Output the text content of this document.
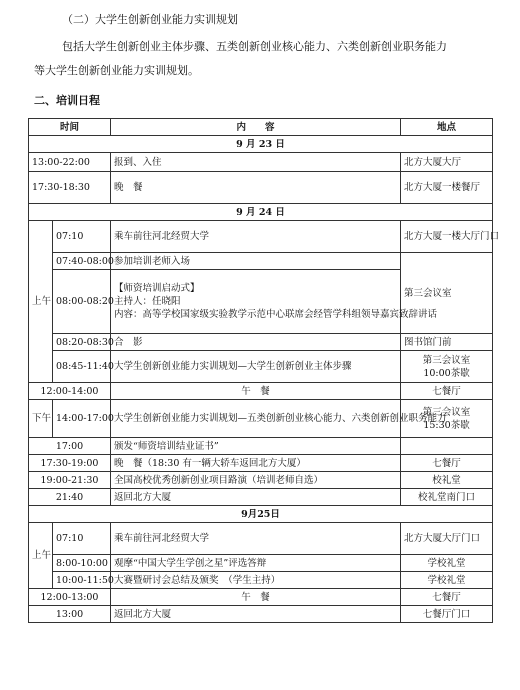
（二）大学生创新创业能力实训规划
包括大学生创新创业主体步骤、五类创新创业核心能力、六类创新创业职务能力
等大学生创新创业能力实训规划。
二、培训日程
时间		内　　容	地点
9 月 23 日			
13:00-22:00		报到、入住	北方大厦大厅
17:30-18:30		晚　餐	北方大厦一楼餐厅
9 月 24 日			
上午	07:10	乘车前往河北经贸大学	北方大厦一楼大厅门口
	07:40-08:00	参加培训老师入场	第三会议室
	08:00-08:20	【师资培训启动式】
主持人：任晓阳
内容：高等学校国家级实验教学示范中心联席会经管学科组领导嘉宾致辞讲话	

	08:20-08:30	合　影	图书馆门前
	08:45-11:40	大学生创新创业能力实训规划—大学生创新创业主体步骤	第三会议室
10:00茶歇

12:00-14:00		午　餐	七餐厅
下午	14:00-17:00	大学生创新创业能力实训规划—五类创新创业核心能力、六类创新创业职务能力	第三会议室
15:30茶歇

17:00		颁发“师资培训结业证书”	
17:30-19:00		晚　餐（18:30 有一辆大轿车返回北方大厦）	七餐厅
19:00-21:30		全国高校优秀创新创业项目路演（培训老师自选）	校礼堂
21:40		返回北方大厦	校礼堂南门口
9月25日			
上午	07:10	乘车前往河北经贸大学	北方大厦大厅门口
	8:00-10:00	观摩“中国大学生学创之星”评选答辩	学校礼堂
	10:00-11:50	大赛暨研讨会总结及颁奖　（学生主持）	学校礼堂
12:00-13:00		午　餐	七餐厅
13:00		返回北方大厦	七餐厅门口
